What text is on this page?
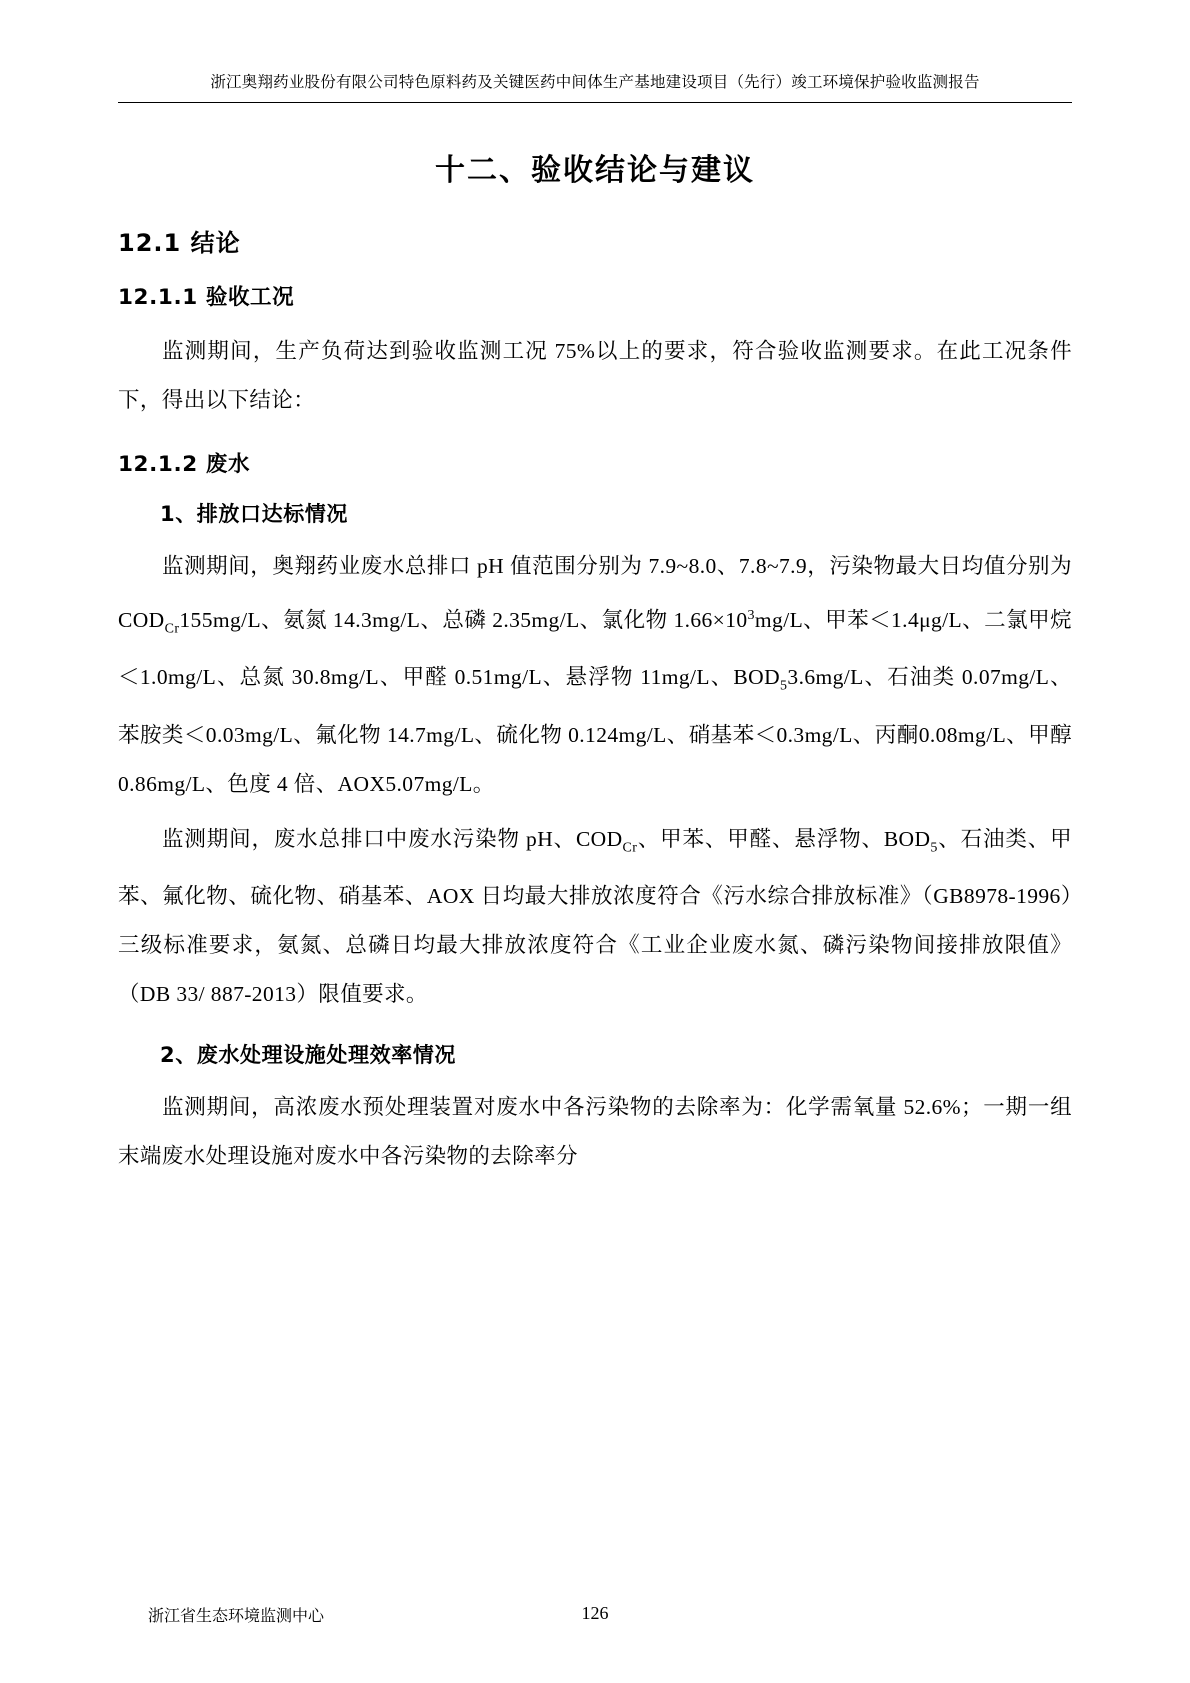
浙江奥翔药业股份有限公司特色原料药及关键医药中间体生产基地建设项目（先行）竣工环境保护验收监测报告
十二、验收结论与建议
12.1 结论
12.1.1 验收工况

监测期间，生产负荷达到验收监测工况 75%以上的要求，符合验收监测要求。在此工况条件下，得出以下结论：

12.1.2 废水
1、排放口达标情况

监测期间，奥翔药业废水总排口 pH 值范围分别为 7.9~8.0、7.8~7.9，污染物最大日均值分别为 $COD_{Cr}155mg/L$、氨氮 14.3mg/L、总磷 2.35mg/L、氯化物 $1.66\times 10^3mg/L$、甲苯＜1.4μg/L、二氯甲烷＜1.0mg/L、总氮 30.8mg/L、甲醛 0.51mg/L、悬浮物 11mg/L、$BOD_53.6mg/L$、石油类 0.07mg/L、苯胺类＜0.03mg/L、氟化物 14.7mg/L、硫化物 0.124mg/L、硝基苯＜0.3mg/L、丙酮0.08mg/L、甲醇 0.86mg/L、色度 4 倍、AOX5.07mg/L。

监测期间，废水总排口中废水污染物 pH、$COD_{Cr}$、甲苯、甲醛、悬浮物、$BOD_5$、石油类、甲苯、氟化物、硫化物、硝基苯、AOX 日均最大排放浓度符合《污水综合排放标准》（GB8978-1996）三级标准要求，氨氮、总磷日均最大排放浓度符合《工业企业废水氮、磷污染物间接排放限值》（DB 33/ 887-2013）限值要求。

2、废水处理设施处理效率情况

监测期间，高浓废水预处理装置对废水中各污染物的去除率为：化学需氧量 52.6%；一期一组末端废水处理设施对废水中各污染物的去除率分

浙江省生态环境监测中心	126
